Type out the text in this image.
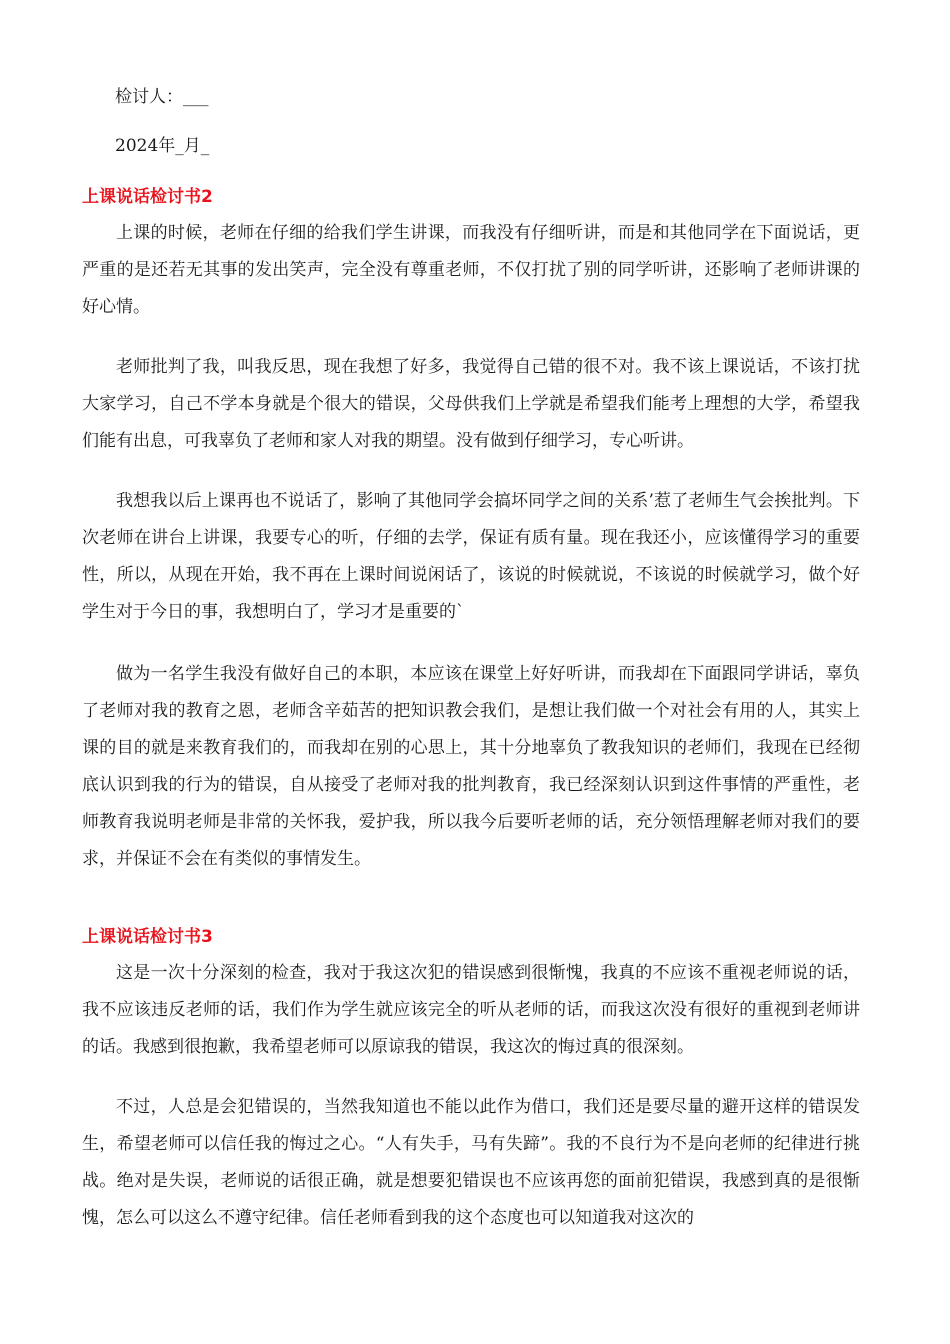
检讨人：___
2024年_月_
上课说话检讨书2

上课的时候，老师在仔细的给我们学生讲课，而我没有仔细听讲，而是和其他同学在下面说话，更严重的是还若无其事的发出笑声，完全没有尊重老师，不仅打扰了别的同学听讲，还影响了老师讲课的好心情。

老师批判了我，叫我反思，现在我想了好多，我觉得自己错的很不对。我不该上课说话，不该打扰大家学习，自己不学本身就是个很大的错误，父母供我们上学就是希望我们能考上理想的大学，希望我们能有出息，可我辜负了老师和家人对我的期望。没有做到仔细学习，专心听讲。

我想我以后上课再也不说话了，影响了其他同学会搞坏同学之间的关系’惹了老师生气会挨批判。下次老师在讲台上讲课，我要专心的听，仔细的去学，保证有质有量。现在我还小，应该懂得学习的重要性，所以，从现在开始，我不再在上课时间说闲话了，该说的时候就说，不该说的时候就学习，做个好学生对于今日的事，我想明白了，学习才是重要的`

做为一名学生我没有做好自己的本职，本应该在课堂上好好听讲，而我却在下面跟同学讲话，辜负了老师对我的教育之恩，老师含辛茹苦的把知识教会我们，是想让我们做一个对社会有用的人，其实上课的目的就是来教育我们的，而我却在别的心思上，其十分地辜负了教我知识的老师们，我现在已经彻底认识到我的行为的错误，自从接受了老师对我的批判教育，我已经深刻认识到这件事情的严重性，老师教育我说明老师是非常的关怀我，爱护我，所以我今后要听老师的话，充分领悟理解老师对我们的要求，并保证不会在有类似的事情发生。

上课说话检讨书3

这是一次十分深刻的检查，我对于我这次犯的错误感到很惭愧，我真的不应该不重视老师说的话，我不应该违反老师的话，我们作为学生就应该完全的听从老师的话，而我这次没有很好的重视到老师讲的话。我感到很抱歉，我希望老师可以原谅我的错误，我这次的悔过真的很深刻。

不过，人总是会犯错误的，当然我知道也不能以此作为借口，我们还是要尽量的避开这样的错误发生，希望老师可以信任我的悔过之心。“人有失手，马有失蹄”。我的不良行为不是向老师的纪律进行挑战。绝对是失误，老师说的话很正确，就是想要犯错误也不应该再您的面前犯错误，我感到真的是很惭愧，怎么可以这么不遵守纪律。信任老师看到我的这个态度也可以知道我对这次的
